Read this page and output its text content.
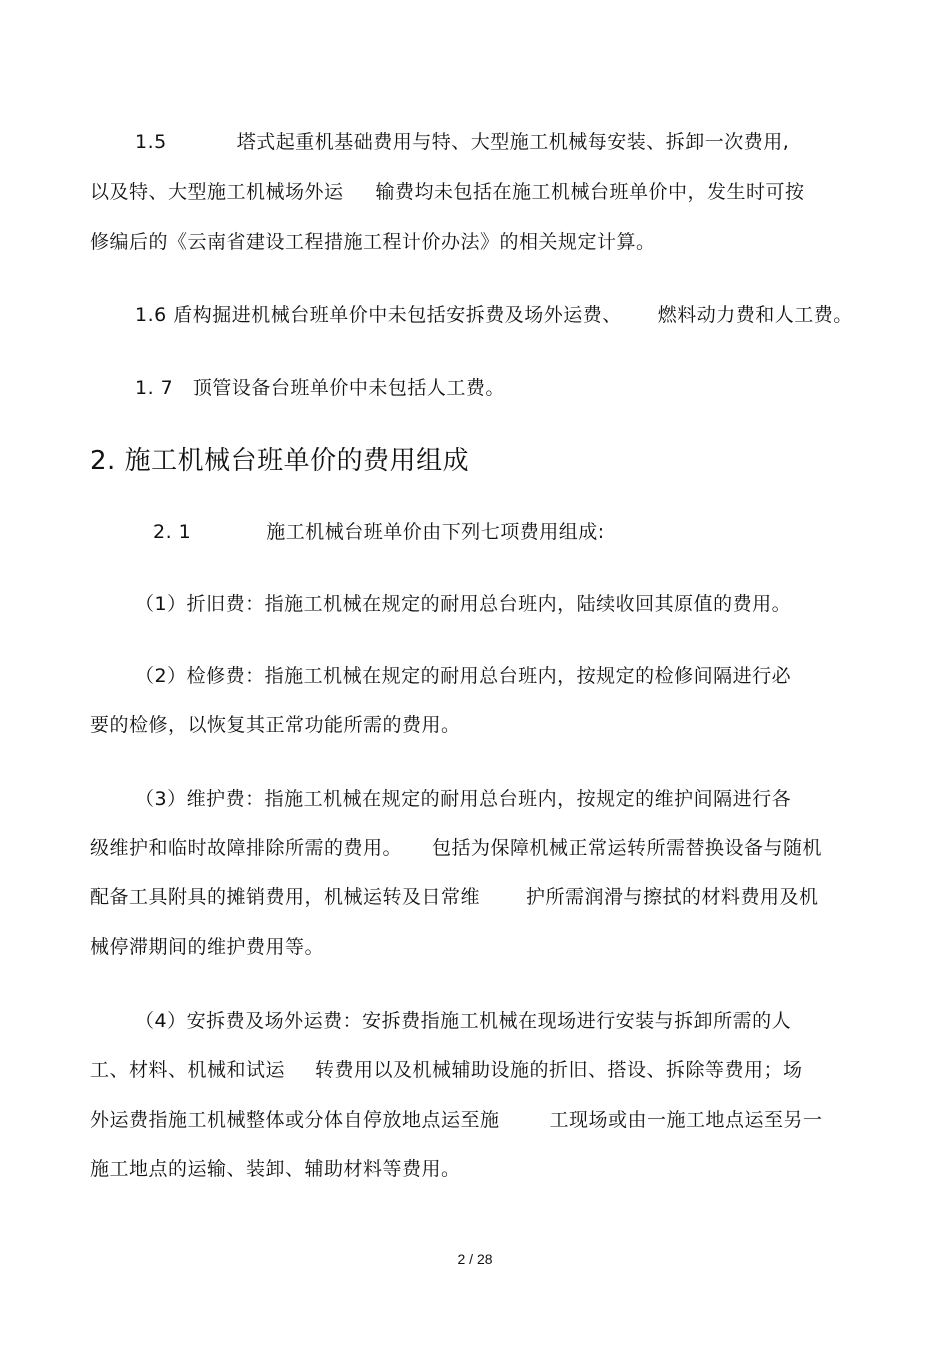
1.5	塔式起重机基础费用与特、大型施工机械每安装、拆卸一次费用,
以及特、大型施工机械场外运 输费均未包括在施工机械台班单价中，发生时可按
修编后的《云南省建设工程措施工程计价办法》的相关规定计算。
1.6 盾构掘进机械台班单价中未包括安拆费及场外运费、 燃料动力费和人工费。
1. 7   顶管设备台班单价中未包括人工费。
2. 施工机械台班单价的费用组成
2. 1	施工机械台班单价由下列七项费用组成:
（1）折旧费：指施工机械在规定的耐用总台班内，陆续收回其原值的费用。
（2）检修费：指施工机械在规定的耐用总台班内，按规定的检修间隔进行必
要的检修，以恢复其正常功能所需的费用。
（3）维护费：指施工机械在规定的耐用总台班内，按规定的维护间隔进行各
级维护和临时故障排除所需的费用。 包括为保障机械正常运转所需替换设备与随机
配备工具附具的摊销费用，机械运转及日常维 护所需润滑与擦拭的材料费用及机
械停滞期间的维护费用等。
（4）安拆费及场外运费：安拆费指施工机械在现场进行安装与拆卸所需的人
工、材料、机械和试运 转费用以及机械辅助设施的折旧、搭设、拆除等费用；场
外运费指施工机械整体或分体自停放地点运至施	工现场或由一施工地点运至另一
施工地点的运输、装卸、辅助材料等费用。
2 / 28
